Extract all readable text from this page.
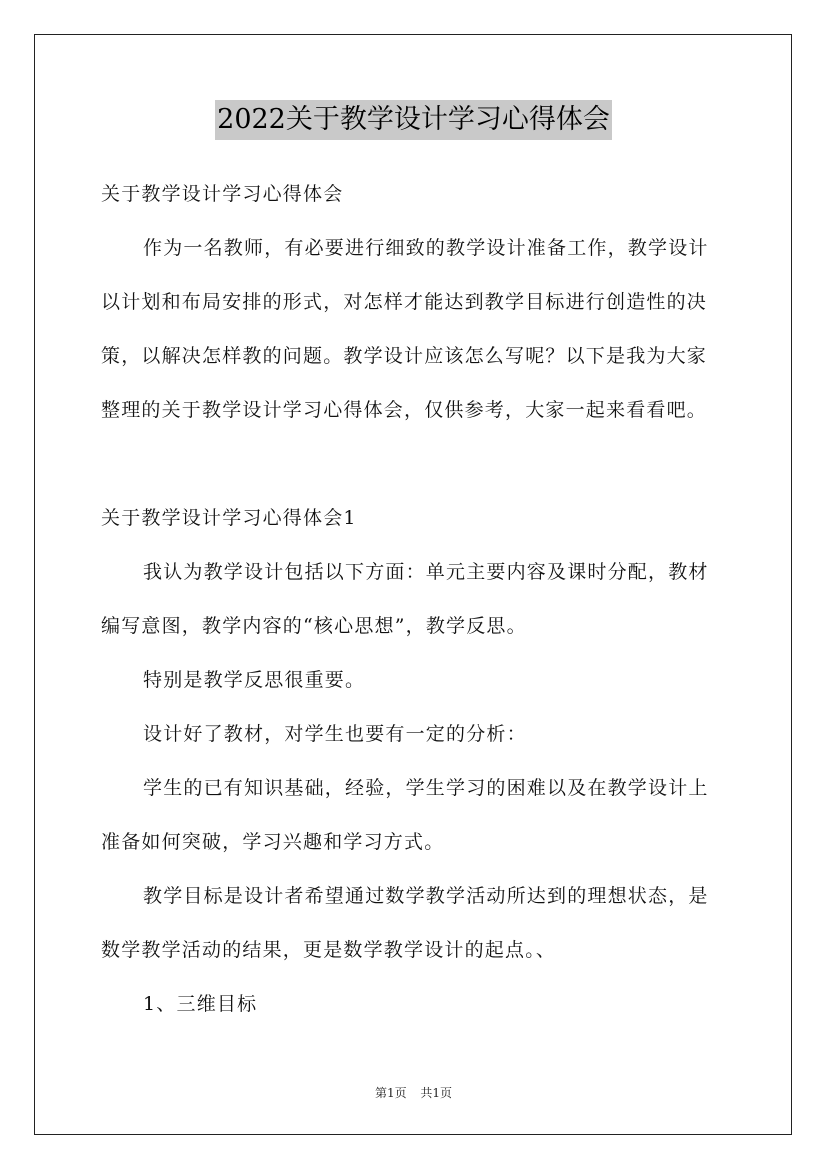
2022关于教学设计学习心得体会
关于教学设计学习心得体会
作为一名教师，有必要进行细致的教学设计准备工作，教学设计
以计划和布局安排的形式，对怎样才能达到教学目标进行创造性的决
策，以解决怎样教的问题。教学设计应该怎么写呢？以下是我为大家
整理的关于教学设计学习心得体会，仅供参考，大家一起来看看吧。
关于教学设计学习心得体会1
我认为教学设计包括以下方面：单元主要内容及课时分配，教材
编写意图，教学内容的“核心思想”，教学反思。
特别是教学反思很重要。
设计好了教材，对学生也要有一定的分析：
学生的已有知识基础，经验，学生学习的困难以及在教学设计上
准备如何突破，学习兴趣和学习方式。
教学目标是设计者希望通过数学教学活动所达到的理想状态，是
数学教学活动的结果，更是数学教学设计的起点。、
1、三维目标
第1页 共1页
